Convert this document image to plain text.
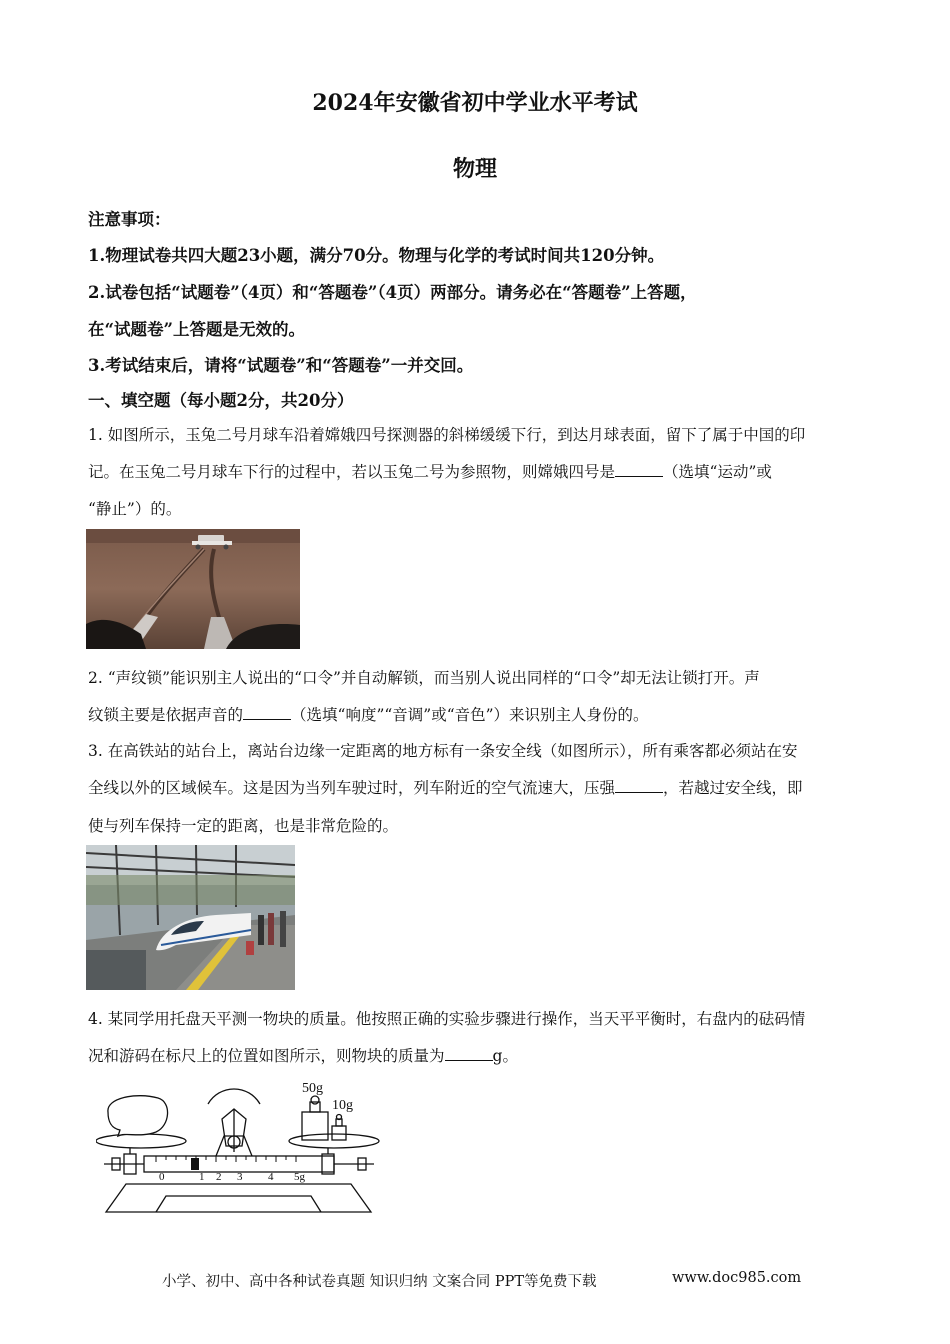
2024年安徽省初中学业水平考试
物理
注意事项：
1.物理试卷共四大题23小题，满分70分。物理与化学的考试时间共120分钟。
2.试卷包括“试题卷”（4页）和“答题卷”（4页）两部分。请务必在“答题卷”上答题，
在“试题卷”上答题是无效的。
3.考试结束后，请将“试题卷”和“答题卷”一并交回。
一、填空题（每小题2分，共20分）
1. 如图所示，玉兔二号月球车沿着嫦娥四号探测器的斜梯缓缓下行，到达月球表面，留下了属于中国的印
记。在玉兔二号月球车下行的过程中，若以玉兔二号为参照物，则嫦娥四号是	（选填“运动”或
“静止”）的。
2. “声纹锁”能识别主人说出的“口令”并自动解锁，而当别人说出同样的“口令”却无法让锁打开。声
纹锁主要是依据声音的	（选填“响度”“音调”或“音色”）来识别主人身份的。
3. 在高铁站的站台上，离站台边缘一定距离的地方标有一条安全线（如图所示），所有乘客都必须站在安
全线以外的区域候车。这是因为当列车驶过时，列车附近的空气流速大，压强	，若越过安全线，即
使与列车保持一定的距离，也是非常危险的。
4. 某同学用托盘天平测一物块的质量。他按照正确的实验步骤进行操作，当天平平衡时，右盘内的砝码情
况和游码在标尺上的位置如图所示，则物块的质量为	g。
50g
10g
0	1 2 3 4 5g
小学、初中、高中各种试卷真题 知识归纳 文案合同 PPT等免费下载	www.doc985.com
